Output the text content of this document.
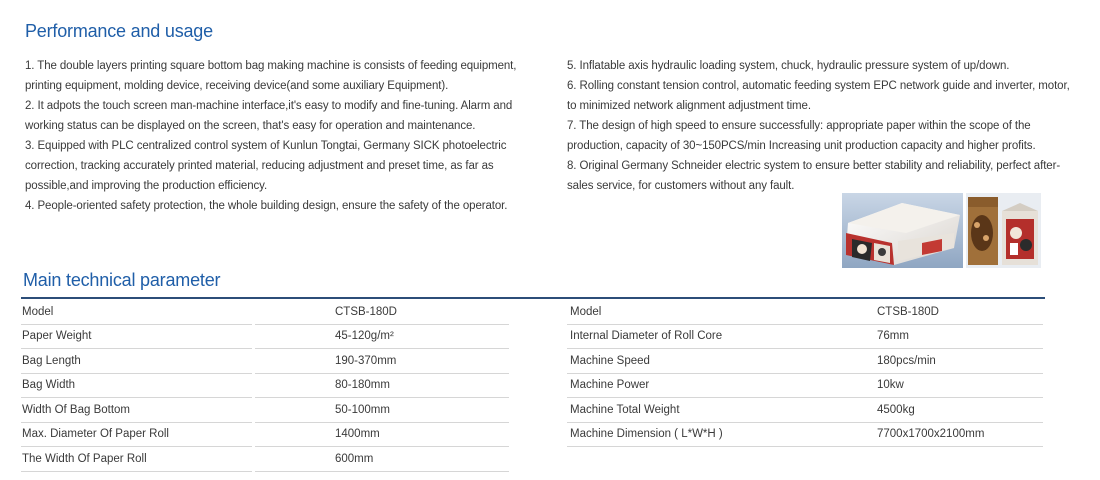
Performance and usage

1. The double layers printing square bottom bag making machine is consists of feeding equipment, printing equipment, molding device, receiving device(and some auxiliary Equipment).

2. It adpots the touch screen man-machine interface,it's easy to modify and fine-tuning. Alarm and working status can be displayed on the screen, that's easy for operation and maintenance.

3. Equipped with PLC centralized control system of Kunlun Tongtai, Germany SICK photoelectric correction, tracking accurately printed material, reducing adjustment and preset time, as far as possible,and improving the production efficiency.

4. People-oriented safety protection, the whole building design, ensure the safety of the operator.

5. Inflatable axis hydraulic loading system, chuck, hydraulic pressure system of up/down.

6. Rolling constant tension control, automatic feeding system EPC network guide and inverter, motor, to minimized network alignment adjustment time.

7. The design of high speed to ensure successfully: appropriate paper within the scope of the production, capacity of 30~150PCS/min Increasing unit production capacity and higher profits.

8. Original Germany Schneider electric system to ensure better stability and reliability, perfect after-sales service, for customers without any fault.

Main technical parameter
Model	CTSB-180D
Paper Weight	45-120g/m²
Bag Length	190-370mm
Bag Width	80-180mm
Width Of Bag Bottom	50-100mm
Max. Diameter Of Paper Roll	1400mm
The Width Of Paper Roll	600mm
Model	CTSB-180D
Internal Diameter of Roll Core	76mm
Machine Speed	180pcs/min
Machine Power	10kw
Machine Total Weight	4500kg
Machine Dimension ( L*W*H )	7700x1700x2100mm
